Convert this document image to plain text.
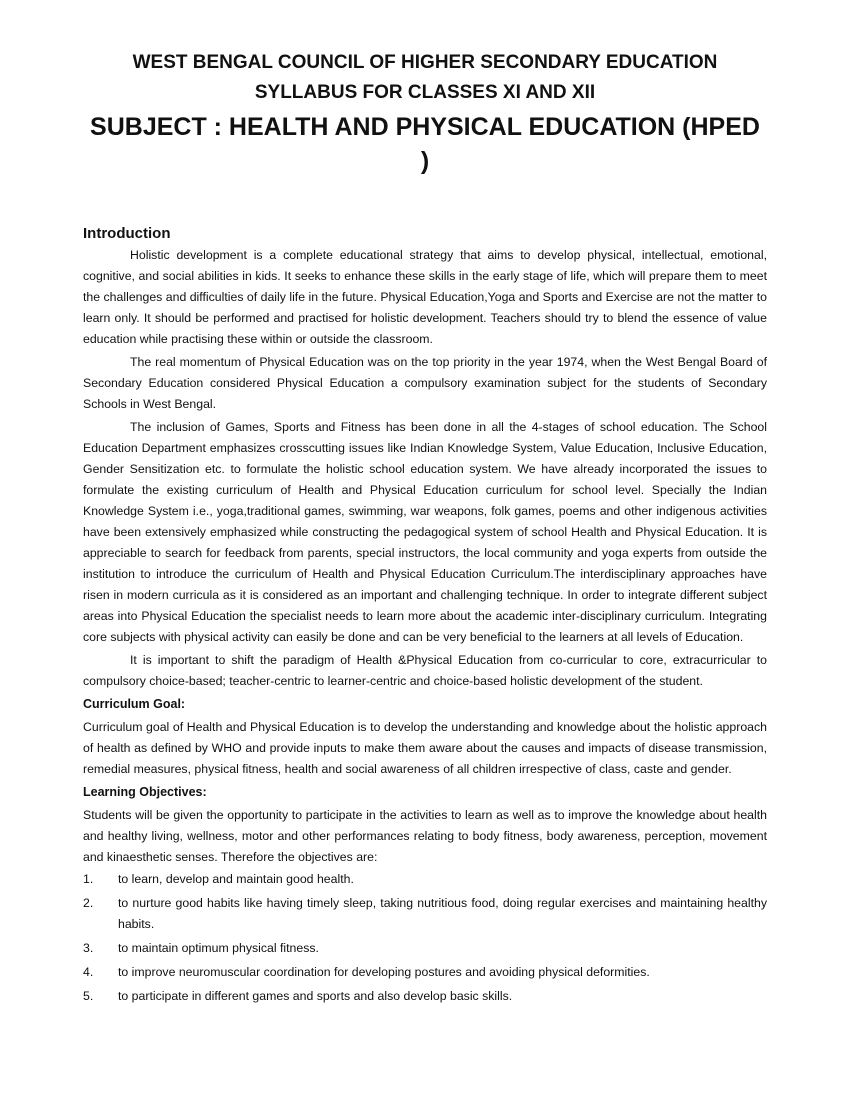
WEST BENGAL COUNCIL OF HIGHER SECONDARY EDUCATION
SYLLABUS FOR CLASSES XI AND XII
SUBJECT : HEALTH AND PHYSICAL EDUCATION (HPED )
Introduction

Holistic development is a complete educational strategy that aims to develop physical, intellectual, emotional, cognitive, and social abilities in kids. It seeks to enhance these skills in the early stage of life, which will prepare them to meet the challenges and difficulties of daily life in the future. Physical Education,Yoga and Sports and Exercise are not the matter to learn only. It should be performed and practised for holistic development. Teachers should try to blend the essence of value education while practising these within or outside the classroom.

The real momentum of Physical Education was on the top priority in the year 1974, when the West Bengal Board of Secondary Education considered Physical Education a compulsory examination subject for the students of Secondary Schools in West Bengal.

The inclusion of Games, Sports and Fitness has been done in all the 4-stages of school education. The School Education Department emphasizes crosscutting issues like Indian Knowledge System, Value Education, Inclusive Education, Gender Sensitization etc. to formulate the holistic school education system. We have already incorporated the issues to formulate the existing curriculum of Health and Physical Education curriculum for school level. Specially the Indian Knowledge System i.e., yoga,traditional games, swimming, war weapons, folk games, poems and other indigenous activities have been extensively emphasized while constructing the pedagogical system of school Health and Physical Education. It is appreciable to search for feedback from parents, special instructors, the local community and yoga experts from outside the institution to introduce the curriculum of Health and Physical Education Curriculum.The interdisciplinary approaches have risen in modern curricula as it is considered as an important and challenging technique. In order to integrate different subject areas into Physical Education the specialist needs to learn more about the academic inter-disciplinary curriculum. Integrating core subjects with physical activity can easily be done and can be very beneficial to the learners at all levels of Education.

It is important to shift the paradigm of Health &Physical Education from co-curricular to core, extracurricular to compulsory choice-based; teacher-centric to learner-centric and choice-based holistic development of the student.

Curriculum Goal:

Curriculum goal of Health and Physical Education is to develop the understanding and knowledge about the holistic approach of health as defined by WHO and provide inputs to make them aware about the causes and impacts of disease transmission, remedial measures, physical fitness, health and social awareness of all children irrespective of class, caste and gender.

Learning Objectives:

Students will be given the opportunity to participate in the activities to learn as well as to improve the knowledge about health and healthy living, wellness, motor and other performances relating to body fitness, body awareness, perception, movement and kinaesthetic senses. Therefore the objectives are:

1.	to learn, develop and maintain good health.
2.	to nurture good habits like having timely sleep, taking nutritious food, doing regular exercises and maintaining healthy habits.
3.	to maintain optimum physical fitness.
4.	to improve neuromuscular coordination for developing postures and avoiding physical deformities.
5.	to participate in different games and sports and also develop basic skills.
